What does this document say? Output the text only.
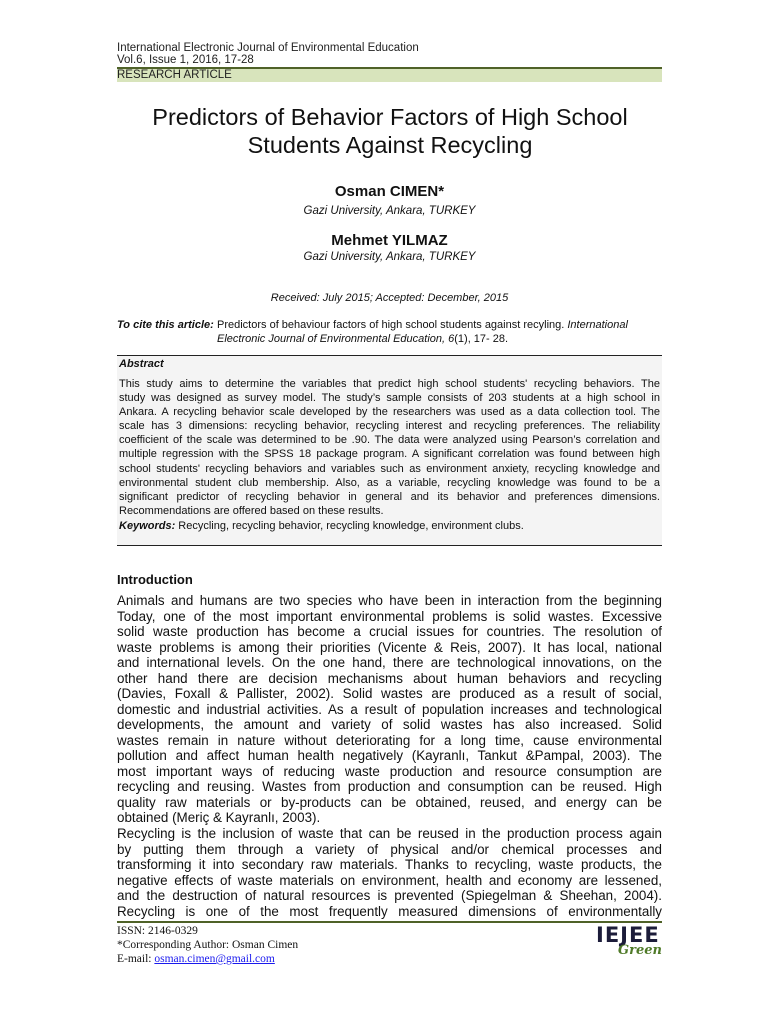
International Electronic Journal of Environmental Education
Vol.6, Issue 1, 2016, 17-28
RESEARCH ARTICLE
Predictors of Behavior Factors of High School
Students Against Recycling
Osman CIMEN*
Gazi University, Ankara, TURKEY
Mehmet YILMAZ
Gazi University, Ankara, TURKEY
Received: July 2015; Accepted: December, 2015
To cite this article: Predictors of behaviour factors of high school students against recyling. International Electronic Journal of Environmental Education, 6(1), 17- 28.
Abstract
This study aims to determine the variables that predict high school students' recycling behaviors. The
study was designed as survey model. The study’s sample consists of 203 students at a high school in
Ankara. A recycling behavior scale developed by the researchers was used as a data collection tool. The
scale has 3 dimensions: recycling behavior, recycling interest and recycling preferences. The reliability
coefficient of the scale was determined to be .90. The data were analyzed using Pearson’s correlation and
multiple regression with the SPSS 18 package program. A significant correlation was found between high
school students' recycling behaviors and variables such as environment anxiety, recycling knowledge and
environmental student club membership. Also, as a variable, recycling knowledge was found to be a
significant predictor of recycling behavior in general and its behavior and preferences dimensions.
Recommendations are offered based on these results.
Keywords: Recycling, recycling behavior, recycling knowledge, environment clubs.
Introduction
Animals and humans are two species who have been in interaction from the beginning
Today, one of the most important environmental problems is solid wastes. Excessive
solid waste production has become a crucial issues for countries. The resolution of
waste problems is among their priorities (Vicente & Reis, 2007). It has local, national
and international levels. On the one hand, there are technological innovations, on the
other hand there are decision mechanisms about human behaviors and recycling
(Davies, Foxall & Pallister, 2002). Solid wastes are produced as a result of social,
domestic and industrial activities. As a result of population increases and technological
developments, the amount and variety of solid wastes has also increased. Solid
wastes remain in nature without deteriorating for a long time, cause environmental
pollution and affect human health negatively (Kayranlı, Tankut &Pampal, 2003). The
most important ways of reducing waste production and resource consumption are
recycling and reusing. Wastes from production and consumption can be reused. High
quality raw materials or by-products can be obtained, reused, and energy can be
obtained (Meriç & Kayranlı, 2003).
Recycling is the inclusion of waste that can be reused in the production process again
by putting them through a variety of physical and/or chemical processes and
transforming it into secondary raw materials. Thanks to recycling, waste products, the
negative effects of waste materials on environment, health and economy are lessened,
and the destruction of natural resources is prevented (Spiegelman & Sheehan, 2004).
Recycling is one of the most frequently measured dimensions of environmentally
ISSN: 2146-0329
*Corresponding Author: Osman Cimen
E-mail: osman.cimen@gmail.com
IEJEE
Green
